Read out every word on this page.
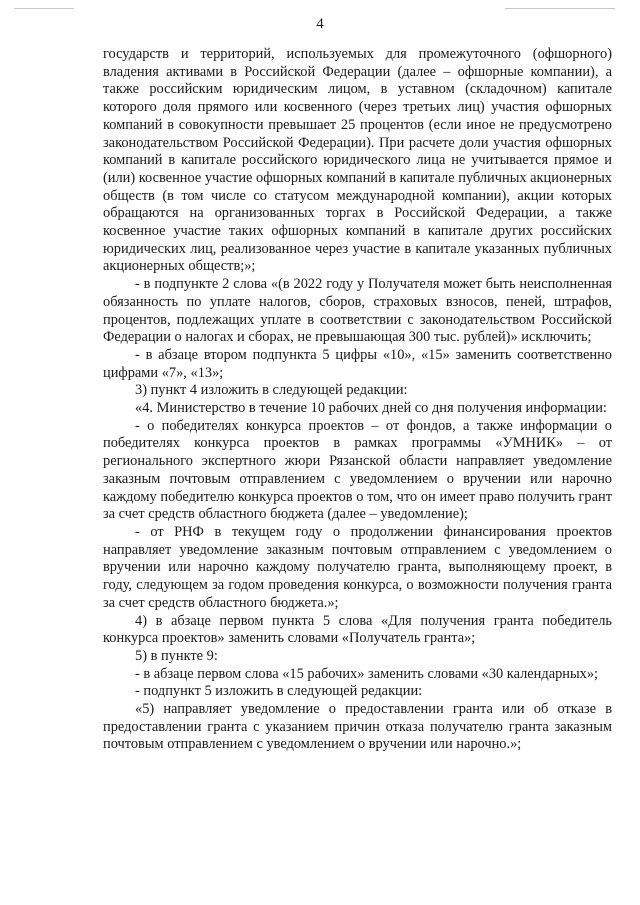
4

государств и территорий, используемых для промежуточного (офшорного) владения активами в Российской Федерации (далее – офшорные компании), а также российским юридическим лицом, в уставном (складочном) капитале которого доля прямого или косвенного (через третьих лиц) участия офшорных компаний в совокупности превышает 25 процентов (если иное не предусмотрено законодательством Российской Федерации). При расчете доли участия офшорных компаний в капитале российского юридического лица не учитывается прямое и (или) косвенное участие офшорных компаний в капитале публичных акционерных обществ (в том числе со статусом международной компании), акции которых обращаются на организованных торгах в Российской Федерации, а также косвенное участие таких офшорных компаний в капитале других российских юридических лиц, реализованное через участие в капитале указанных публичных акционерных обществ;»;

- в подпункте 2 слова «(в 2022 году у Получателя может быть неисполненная обязанность по уплате налогов, сборов, страховых взносов, пеней, штрафов, процентов, подлежащих уплате в соответствии с законодательством Российской Федерации о налогах и сборах, не превышающая 300 тыс. рублей)» исключить;

- в абзаце втором подпункта 5 цифры «10», «15» заменить соответственно цифрами «7», «13»;

3) пункт 4 изложить в следующей редакции:

«4. Министерство в течение 10 рабочих дней со дня получения информации:

- о победителях конкурса проектов – от фондов, а также информации о победителях конкурса проектов в рамках программы «УМНИК» – от регионального экспертного жюри Рязанской области направляет уведомление заказным почтовым отправлением с уведомлением о вручении или нарочно каждому победителю конкурса проектов о том, что он имеет право получить грант за счет средств областного бюджета (далее – уведомление);

- от РНФ в текущем году о продолжении финансирования проектов направляет уведомление заказным почтовым отправлением с уведомлением о вручении или нарочно каждому получателю гранта, выполняющему проект, в году, следующем за годом проведения конкурса, о возможности получения гранта за счет средств областного бюджета.»;

4) в абзаце первом пункта 5 слова «Для получения гранта победитель конкурса проектов» заменить словами «Получатель гранта»;

5) в пункте 9:

- в абзаце первом слова «15 рабочих» заменить словами «30 календарных»;

- подпункт 5 изложить в следующей редакции:

«5) направляет уведомление о предоставлении гранта или об отказе в предоставлении гранта с указанием причин отказа получателю гранта заказным почтовым отправлением с уведомлением о вручении или нарочно.»;
